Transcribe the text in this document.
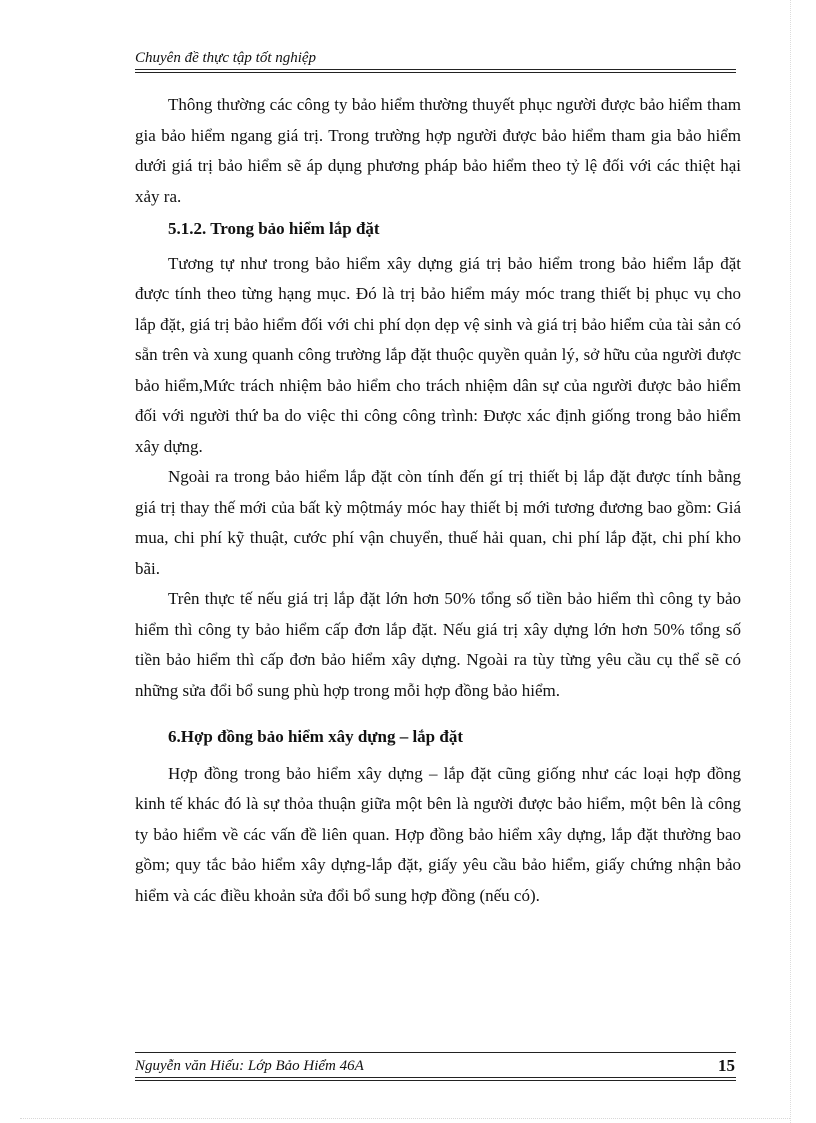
Chuyên đề thực tập tốt nghiệp

Thông thường các công ty bảo hiểm thường thuyết phục người được bảo hiểm tham gia bảo hiểm ngang giá trị. Trong trường hợp người được bảo hiểm tham gia bảo hiểm dưới giá trị bảo hiểm sẽ áp dụng phương pháp bảo hiểm theo tỷ lệ đối với các thiệt hại xảy ra.

5.1.2. Trong bảo hiểm lắp đặt

Tương tự như trong bảo hiểm xây dựng giá trị bảo hiểm trong bảo hiểm lắp đặt được tính theo từng hạng mục. Đó là trị bảo hiểm máy móc trang thiết bị phục vụ cho lắp đặt, giá trị bảo hiểm đối với chi phí dọn dẹp vệ sinh và giá trị bảo hiểm của tài sản có sẵn trên và xung quanh công trường lắp đặt thuộc quyền quản lý, sở hữu của người được bảo hiểm,Mức trách nhiệm bảo hiểm cho trách nhiệm dân sự của người được bảo hiểm đối với người thứ ba do việc thi công công trình: Được xác định giống trong bảo hiểm xây dựng.

Ngoài ra trong bảo hiểm lắp đặt còn tính đến gí trị thiết bị lắp đặt được tính bằng giá trị thay thế mới của bất kỳ mộtmáy móc hay thiết bị mới tương đương bao gồm: Giá mua, chi phí kỹ thuật, cước phí vận chuyển, thuế hải quan, chi phí lắp đặt, chi phí kho bãi.

Trên thực tế nếu giá trị lắp đặt lớn hơn 50% tổng số tiền bảo hiểm thì công ty bảo hiểm thì công ty bảo hiểm cấp đơn lắp đặt. Nếu giá trị xây dựng lớn hơn 50% tổng số tiền bảo hiểm thì cấp đơn bảo hiểm xây dựng. Ngoài ra tùy từng yêu cầu cụ thể sẽ có những sửa đổi bổ sung phù hợp trong mỗi hợp đồng bảo hiểm.

6.Hợp đồng bảo hiểm xây dựng – lắp đặt

Hợp đồng trong bảo hiểm xây dựng – lắp đặt cũng giống như các loại hợp đồng kinh tế khác đó là sự thỏa thuận giữa một bên là người được bảo hiểm, một bên là công ty bảo hiểm về các vấn đề liên quan. Hợp đồng bảo hiểm xây dựng, lắp đặt thường bao gồm; quy tắc bảo hiểm xây dựng-lắp đặt, giấy yêu cầu bảo hiểm, giấy chứng nhận bảo hiểm và các điều khoản sửa đổi bổ sung hợp đồng (nếu có).

Nguyễn văn Hiếu: Lớp Bảo Hiểm 46A	15
